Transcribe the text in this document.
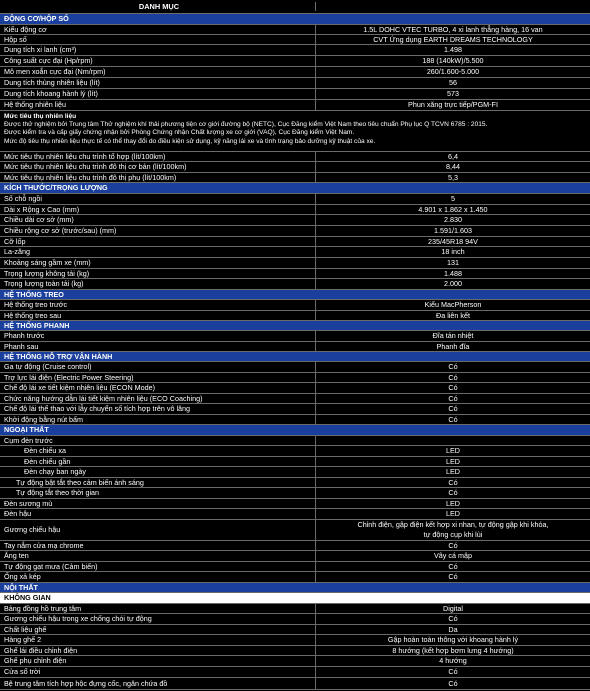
DANH MỤC
ĐỘNG CƠ/HỘP SỐ
Kiểu động cơ	1.5L DOHC VTEC TURBO, 4 xi lanh thẳng hàng, 16 van
Hộp số	CVT Ứng dụng EARTH DREAMS TECHNOLOGY
Dung tích xi lanh (cm³)	1.498
Công suất cực đại (Hp/rpm)	188 (140kW)/5.500
Mô men xoắn cực đại (Nm/rpm)	260/1.600-5.000
Dung tích thùng nhiên liệu (lít)	56
Dung tích khoang hành lý (lít)	573
Hệ thống nhiên liệu	Phun xăng trực tiếp/PGM-FI
Mức tiêu thụ nhiên liệu
Được thử nghiệm bởi Trung tâm Thử nghiệm khí thải phương tiện cơ giới đường bộ (NETC), Cục Đăng kiểm Việt Nam theo tiêu chuẩn Phụ lục Q TCVN 6785 : 2015.
Được kiểm tra và cấp giấy chứng nhận bởi Phòng Chứng nhận Chất lượng xe cơ giới (VAQ), Cục Đăng kiểm Việt Nam.
Mức độ tiêu thụ nhiên liệu thực tế có thể thay đổi do điều kiện sử dụng, kỹ năng lái xe và tình trạng bảo dưỡng kỹ thuật của xe.
Mức tiêu thụ nhiên liệu chu trình tổ hợp (lít/100km)	6,4
Mức tiêu thụ nhiên liệu chu trình đô thị cơ bản (lít/100km)	8,44
Mức tiêu thụ nhiên liệu chu trình đô thị phụ (lít/100km)	5,3
KÍCH THƯỚC/TRỌNG LƯỢNG
Số chỗ ngồi	5
Dài x Rộng x Cao (mm)	4.901 x 1.862 x 1.450
Chiều dài cơ sở (mm)	2.830
Chiều rộng cơ sở (trước/sau) (mm)	1.591/1.603
Cỡ lốp	235/45R18 94V
La-zăng	18 inch
Khoảng sáng gầm xe (mm)	131
Trọng lượng không tải (kg)	1.488
Trọng lượng toàn tải (kg)	2.000
HỆ THỐNG TREO
Hệ thống treo trước	Kiểu MacPherson
Hệ thống treo sau	Đa liên kết
HỆ THỐNG PHANH
Phanh trước	Đĩa tản nhiệt
Phanh sau	Phanh đĩa
HỆ THỐNG HỖ TRỢ VẬN HÀNH
Ga tự động (Cruise control)	Có
Trợ lực lái điện (Electric Power Steering)	Có
Chế độ lái xe tiết kiệm nhiên liệu (ECON Mode)	Có
Chức năng hướng dẫn lái tiết kiệm nhiên liệu (ECO Coaching)	Có
Chế độ lái thể thao với lẫy chuyển số tích hợp trên vô lăng	Có
Khởi động bằng nút bấm	Có
NGOẠI THẤT
Cụm đèn trước
Đèn chiếu xa	LED
Đèn chiếu gần	LED
Đèn chạy ban ngày	LED
Tự động bật tắt theo cảm biến ánh sáng	Có
Tự động tắt theo thời gian	Có
Đèn sương mù	LED
Đèn hậu	LED
Gương chiếu hậu
Chỉnh điện, gập điện kết hợp xi nhan, tự động gập khi khóa,
tự động cụp khi lùi
Tay nắm cửa mạ chrome	Có
Ăng ten	Vây cá mập
Tự động gạt mưa (Cảm biến)	Có
Ống xả kép	Có
NỘI THẤT
KHÔNG GIAN
Bảng đồng hồ trung tâm	Digital
Gương chiếu hậu trong xe chống chói tự động	Có
Chất liệu ghế	Da
Hàng ghế 2	Gập hoàn toàn thông với khoang hành lý
Ghế lái điều chỉnh điện	8 hướng (kết hợp bơm lưng 4 hướng)
Ghế phụ chỉnh điện	4 hướng
Cửa sổ trời	Có
Bệ trung tâm tích hợp hộc đựng cốc, ngăn chứa đồ	Có
